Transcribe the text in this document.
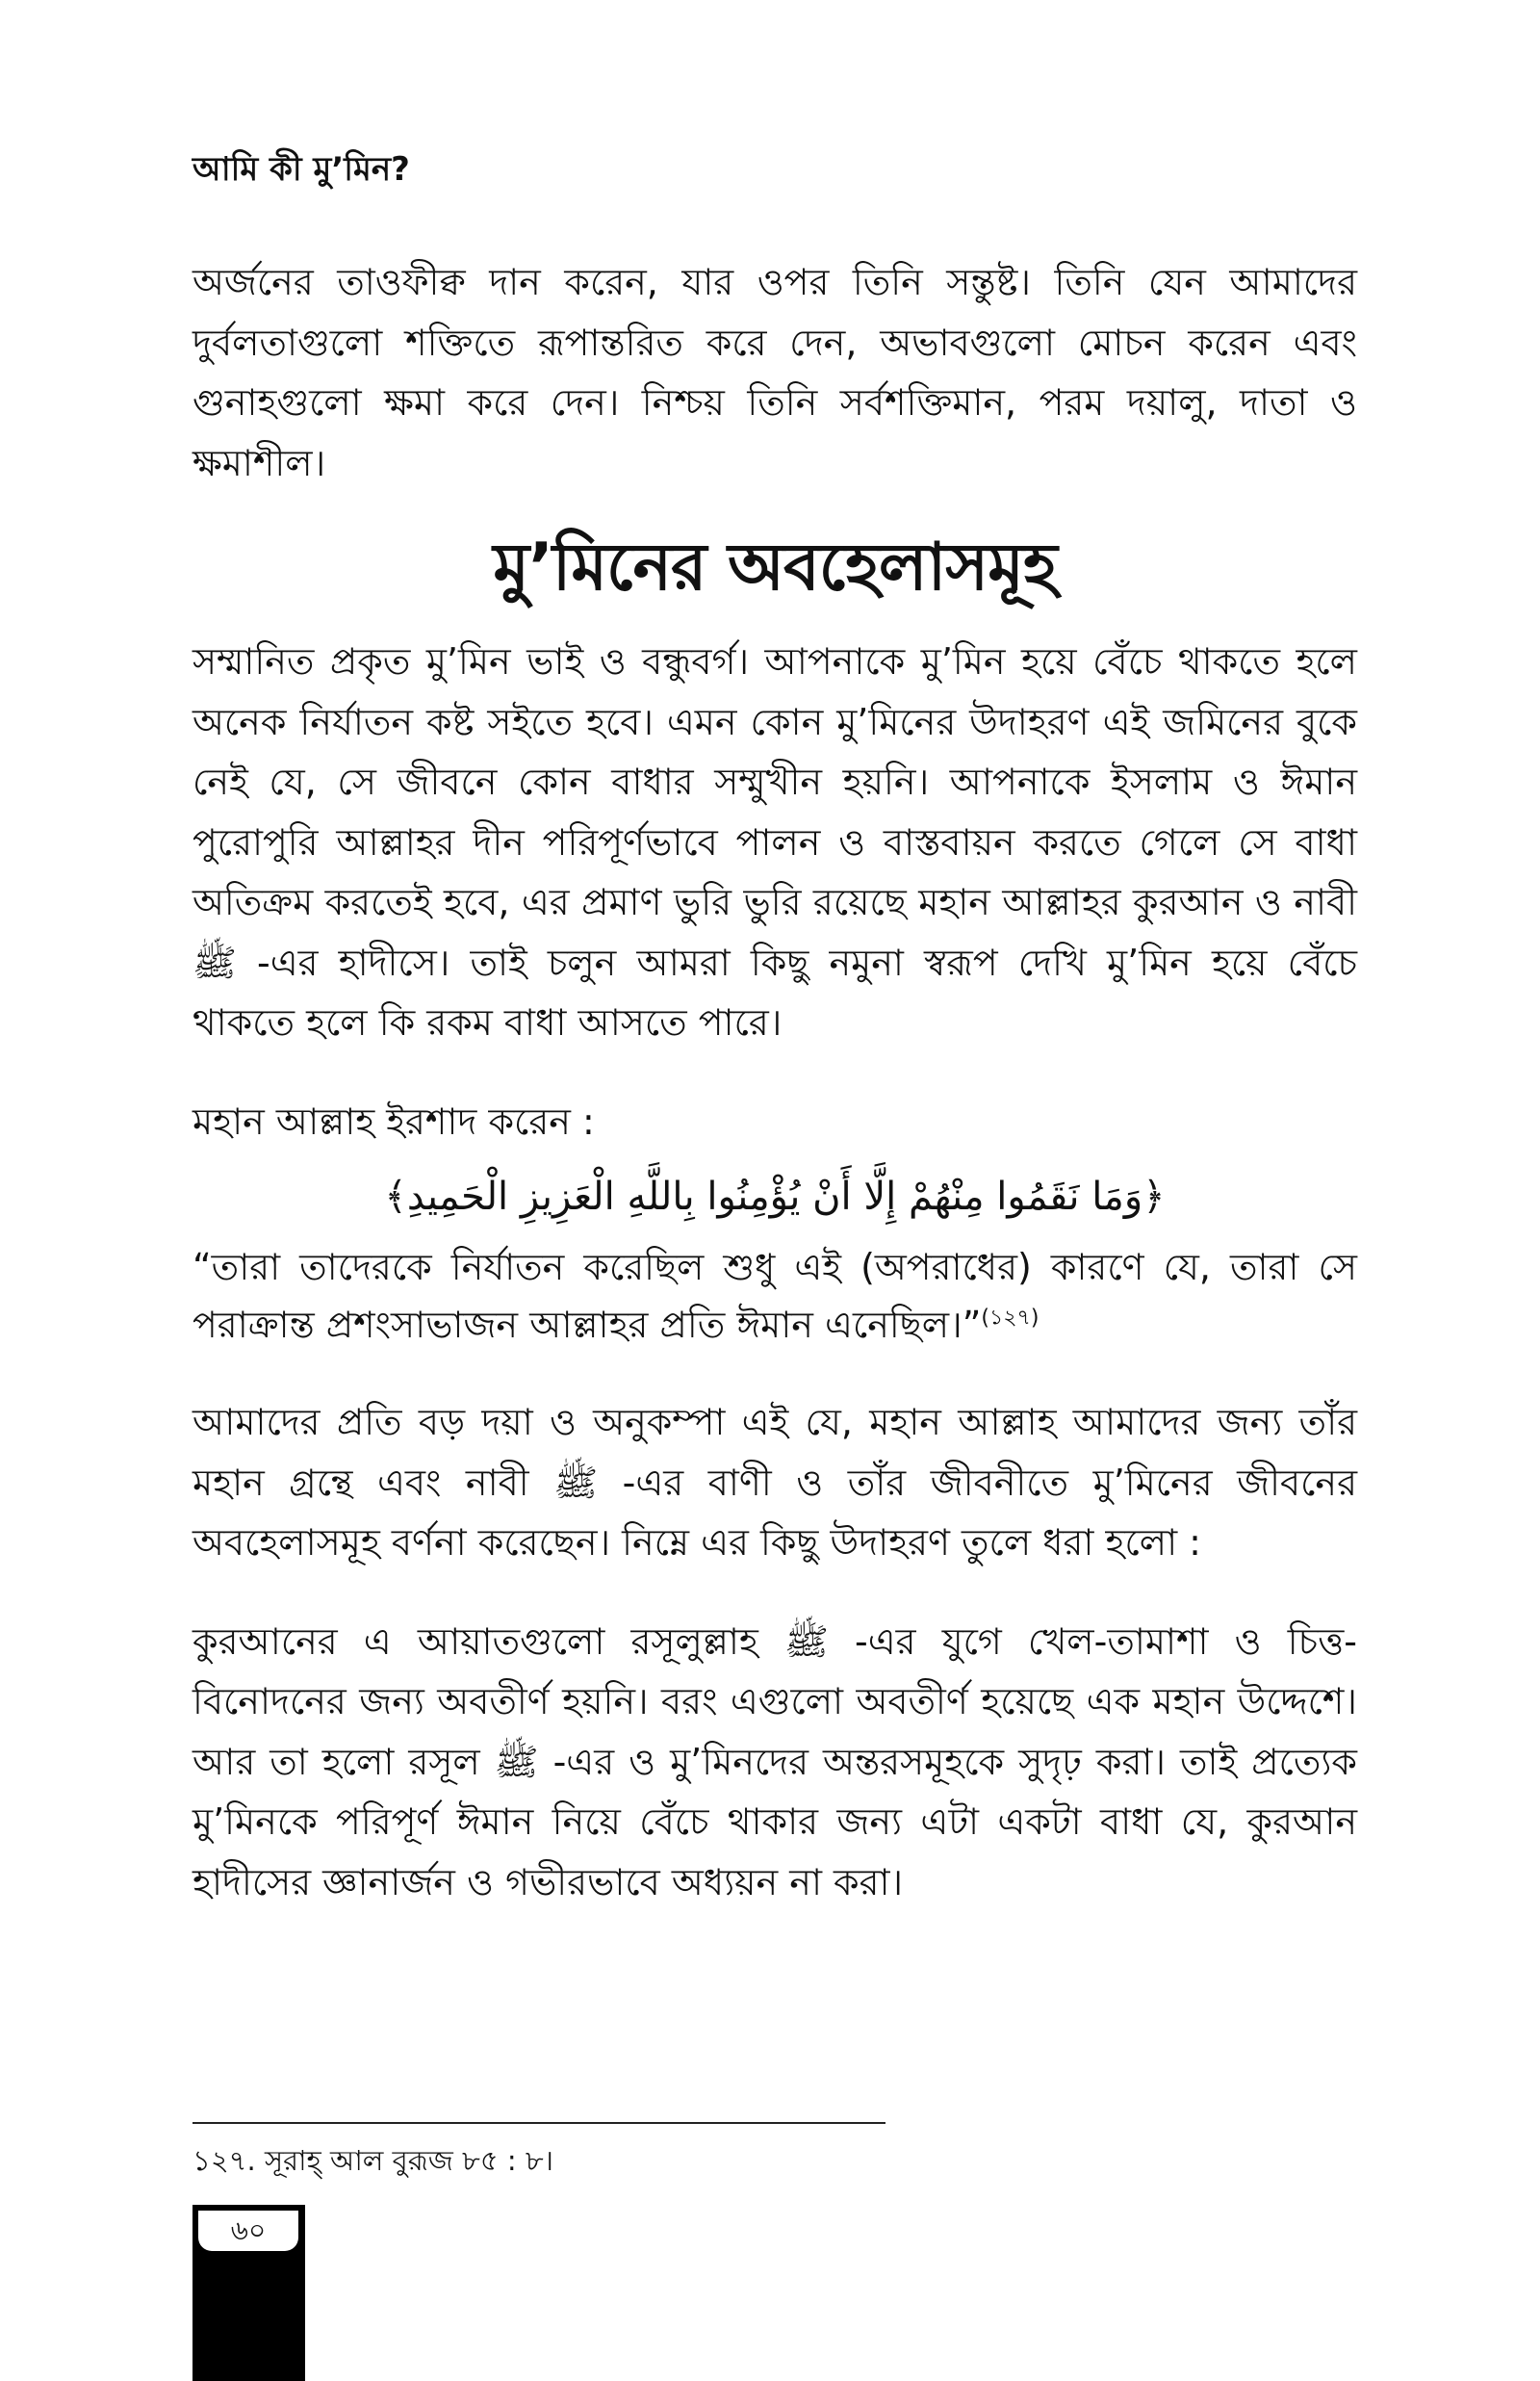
আমি কী মু’মিন?

অর্জনের তাওফীক্ব দান করেন, যার ওপর তিনি সন্তুষ্ট। তিনি যেন আমাদের দুর্বলতাগুলো শক্তিতে রূপান্তরিত করে দেন, অভাবগুলো মোচন করেন এবং গুনাহগুলো ক্ষমা করে দেন। নিশ্চয় তিনি সর্বশক্তিমান, পরম দয়ালু, দাতা ও ক্ষমাশীল।

মু’মিনের অবহেলাসমূহ

সম্মানিত প্রকৃত মু’মিন ভাই ও বন্ধুবর্গ। আপনাকে মু’মিন হয়ে বেঁচে থাকতে হলে অনেক নির্যাতন কষ্ট সইতে হবে। এমন কোন মু’মিনের উদাহরণ এই জমিনের বুকে নেই যে, সে জীবনে কোন বাধার সম্মুখীন হয়নি। আপনাকে ইসলাম ও ঈমান পুরোপুরি আল্লাহর দীন পরিপূর্ণভাবে পালন ও বাস্তবায়ন করতে গেলে সে বাধা অতিক্রম করতেই হবে, এর প্রমাণ ভুরি ভুরি রয়েছে মহান আল্লাহর কুরআন ও নাবী ﷺ -এর হাদীসে। তাই চলুন আমরা কিছু নমুনা স্বরূপ দেখি মু’মিন হয়ে বেঁচে থাকতে হলে কি রকম বাধা আসতে পারে।

মহান আল্লাহ ইরশাদ করেন :

﴿وَمَا نَقَمُوا مِنْهُمْ إِلَّا أَنْ يُؤْمِنُوا بِاللَّهِ الْعَزِيزِ الْحَمِيدِ﴾

“তারা তাদেরকে নির্যাতন করেছিল শুধু এই (অপরাধের) কারণে যে, তারা সে পরাক্রান্ত প্রশংসাভাজন আল্লাহর প্রতি ঈমান এনেছিল।”$^{(১২৭)}$

আমাদের প্রতি বড় দয়া ও অনুকম্পা এই যে, মহান আল্লাহ আমাদের জন্য তাঁর মহান গ্রন্থে এবং নাবী ﷺ -এর বাণী ও তাঁর জীবনীতে মু’মিনের জীবনের অবহেলাসমূহ বর্ণনা করেছেন। নিম্নে এর কিছু উদাহরণ তুলে ধরা হলো :

কুরআনের এ আয়াতগুলো রসূলুল্লাহ ﷺ -এর যুগে খেল-তামাশা ও চিত্ত-বিনোদনের জন্য অবতীর্ণ হয়নি। বরং এগুলো অবতীর্ণ হয়েছে এক মহান উদ্দেশে। আর তা হলো রসূল ﷺ -এর ও মু’মিনদের অন্তরসমূহকে সুদৃঢ় করা। তাই প্রত্যেক মু’মিনকে পরিপূর্ণ ঈমান নিয়ে বেঁচে থাকার জন্য এটা একটা বাধা যে, কুরআন হাদীসের জ্ঞানার্জন ও গভীরভাবে অধ্যয়ন না করা।

১২৭. সূরাহ্ আল বুরূজ ৮৫ : ৮।
৬০
